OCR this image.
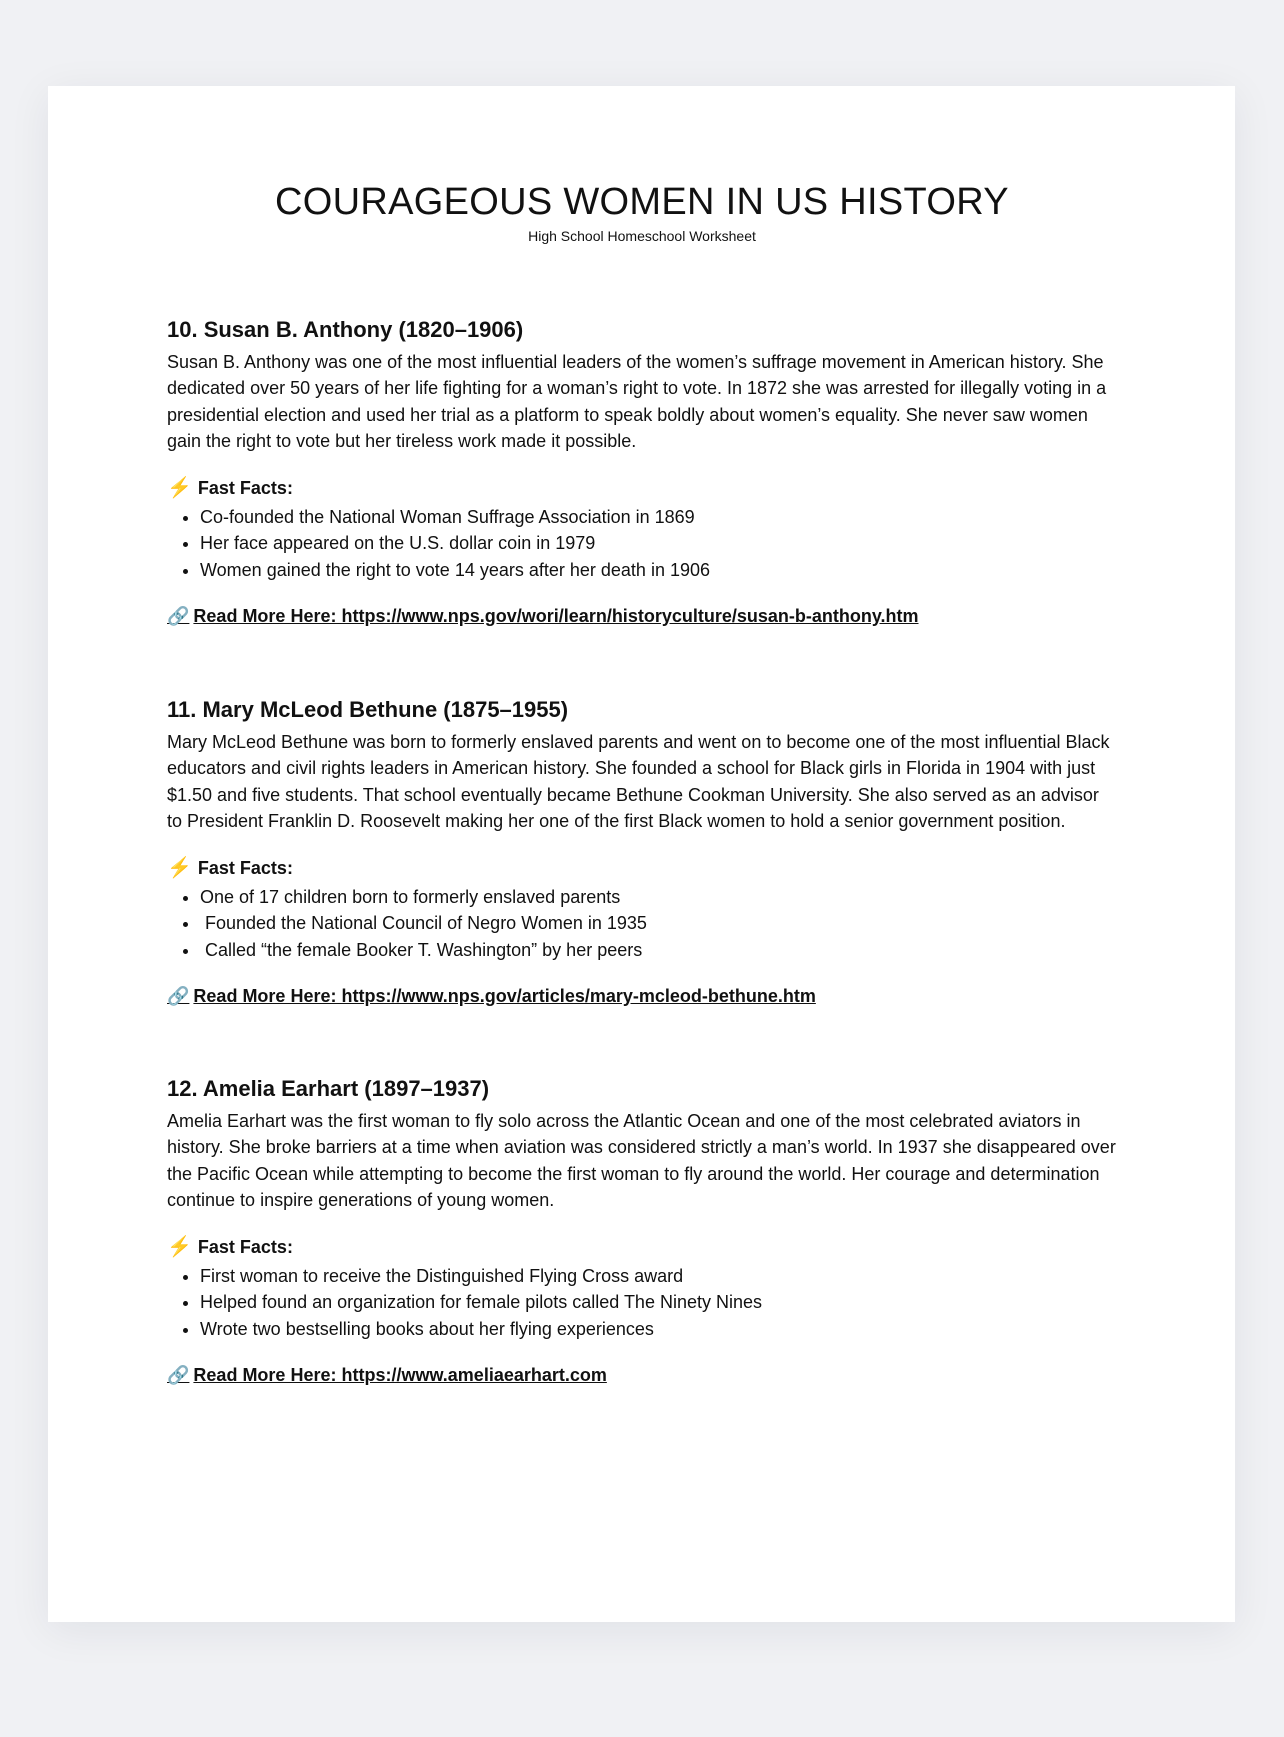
COURAGEOUS WOMEN IN US HISTORY
High School Homeschool Worksheet
10. Susan B. Anthony (1820–1906)

Susan B. Anthony was one of the most influential leaders of the women’s suffrage movement in American history. She dedicated over 50 years of her life fighting for a woman’s right to vote. In 1872 she was arrested for illegally voting in a presidential election and used her trial as a platform to speak boldly about women’s equality. She never saw women gain the right to vote but her tireless work made it possible.

⚡ Fast Facts:
• Co-founded the National Woman Suffrage Association in 1869
• Her face appeared on the U.S. dollar coin in 1979
• Women gained the right to vote 14 years after her death in 1906
🔗 Read More Here: https://www.nps.gov/wori/learn/historyculture/susan-b-anthony.htm
11. Mary McLeod Bethune (1875–1955)

Mary McLeod Bethune was born to formerly enslaved parents and went on to become one of the most influential Black educators and civil rights leaders in American history. She founded a school for Black girls in Florida in 1904 with just $1.50 and five students. That school eventually became Bethune Cookman University. She also served as an advisor to President Franklin D. Roosevelt making her one of the first Black women to hold a senior government position.

⚡ Fast Facts:
• One of 17 children born to formerly enslaved parents
•  Founded the National Council of Negro Women in 1935
•  Called “the female Booker T. Washington” by her peers
🔗 Read More Here: https://www.nps.gov/articles/mary-mcleod-bethune.htm
12. Amelia Earhart (1897–1937)

Amelia Earhart was the first woman to fly solo across the Atlantic Ocean and one of the most celebrated aviators in history. She broke barriers at a time when aviation was considered strictly a man’s world. In 1937 she disappeared over the Pacific Ocean while attempting to become the first woman to fly around the world. Her courage and determination continue to inspire generations of young women.

⚡ Fast Facts:
• First woman to receive the Distinguished Flying Cross award
• Helped found an organization for female pilots called The Ninety Nines
• Wrote two bestselling books about her flying experiences
🔗 Read More Here: https://www.ameliaearhart.com
